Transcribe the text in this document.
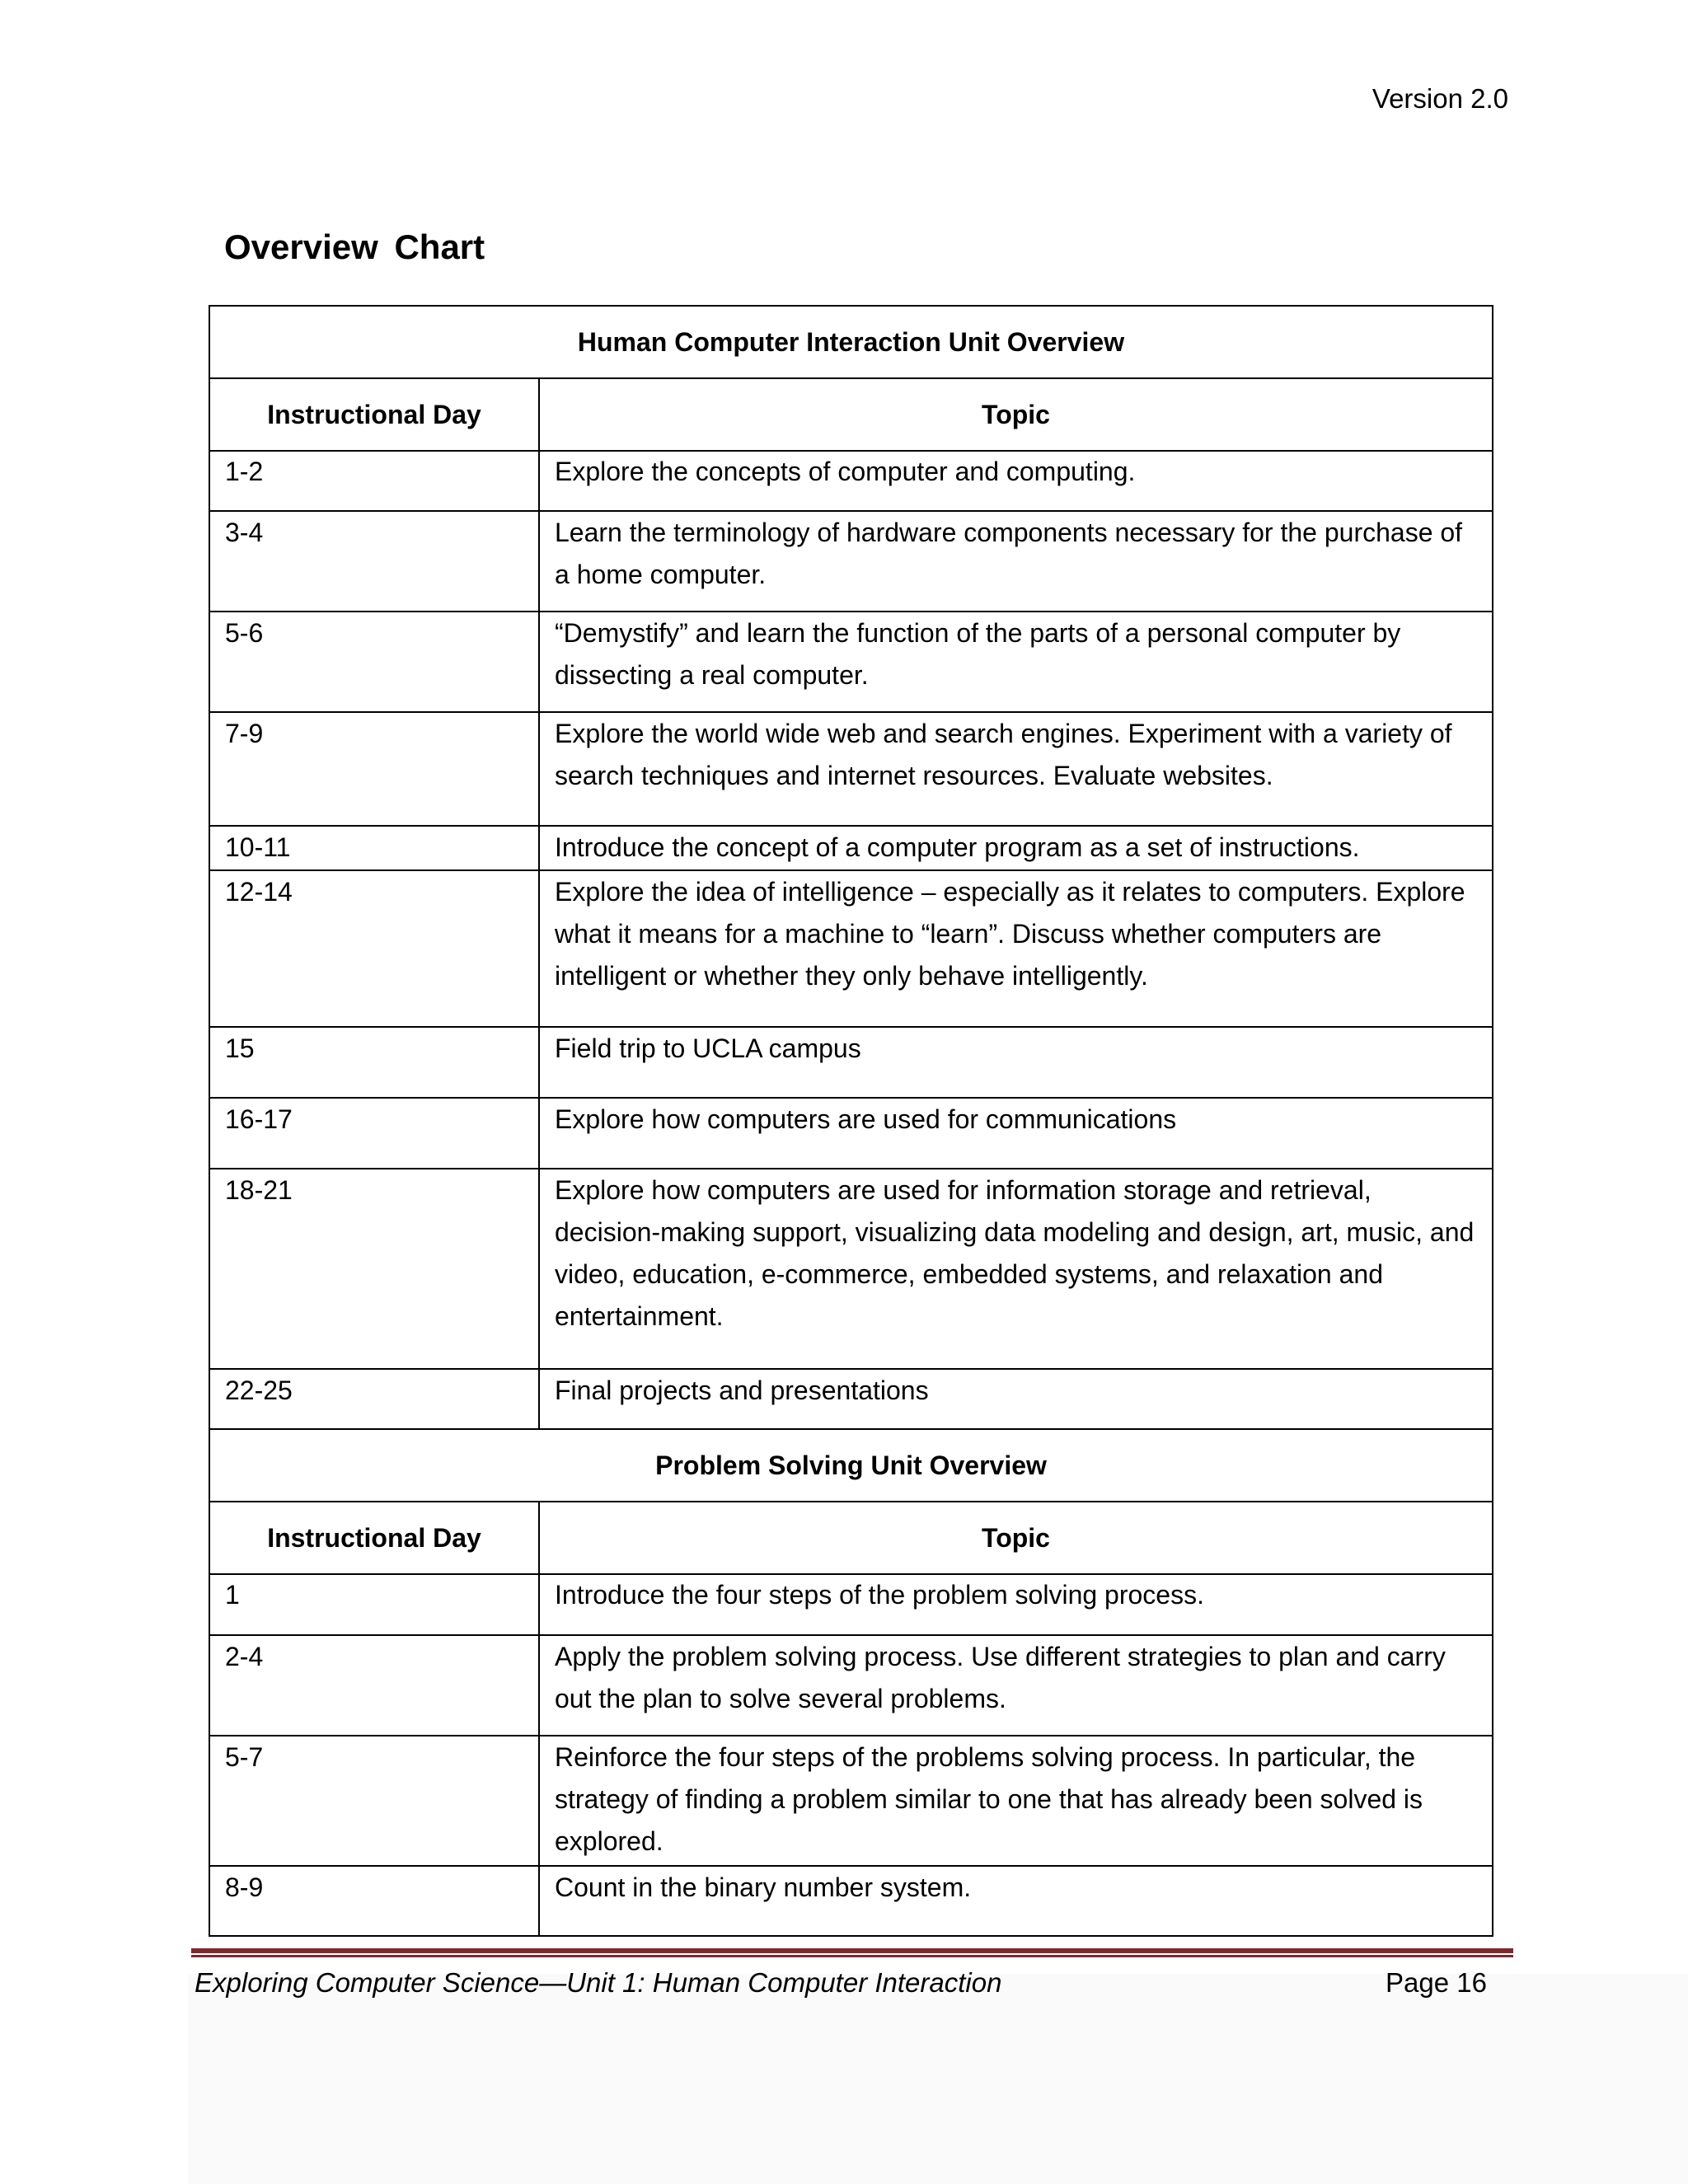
Version 2.0
Overview Chart
Human Computer Interaction Unit Overview
Instructional Day	Topic
1-2	Explore the concepts of computer and computing.
3-4	Learn the terminology of hardware components necessary for the purchase of a home computer.
5-6	“Demystify” and learn the function of the parts of a personal computer by dissecting a real computer.
7-9	Explore the world wide web and search engines. Experiment with a variety of search techniques and internet resources. Evaluate websites.
10-11	Introduce the concept of a computer program as a set of instructions.
12-14	Explore the idea of intelligence – especially as it relates to computers. Explore what it means for a machine to “learn”. Discuss whether computers are intelligent or whether they only behave intelligently.
15	Field trip to UCLA campus
16-17	Explore how computers are used for communications
18-21	Explore how computers are used for information storage and retrieval, decision-making support, visualizing data modeling and design, art, music, and video, education, e-commerce, embedded systems, and relaxation and entertainment.
22-25	Final projects and presentations
Problem Solving Unit Overview
Instructional Day	Topic
1	Introduce the four steps of the problem solving process.
2-4	Apply the problem solving process. Use different strategies to plan and carry out the plan to solve several problems.
5-7	Reinforce the four steps of the problems solving process. In particular, the strategy of finding a problem similar to one that has already been solved is explored.
8-9	Count in the binary number system.
Exploring Computer Science—Unit 1: Human Computer Interaction	Page 16
